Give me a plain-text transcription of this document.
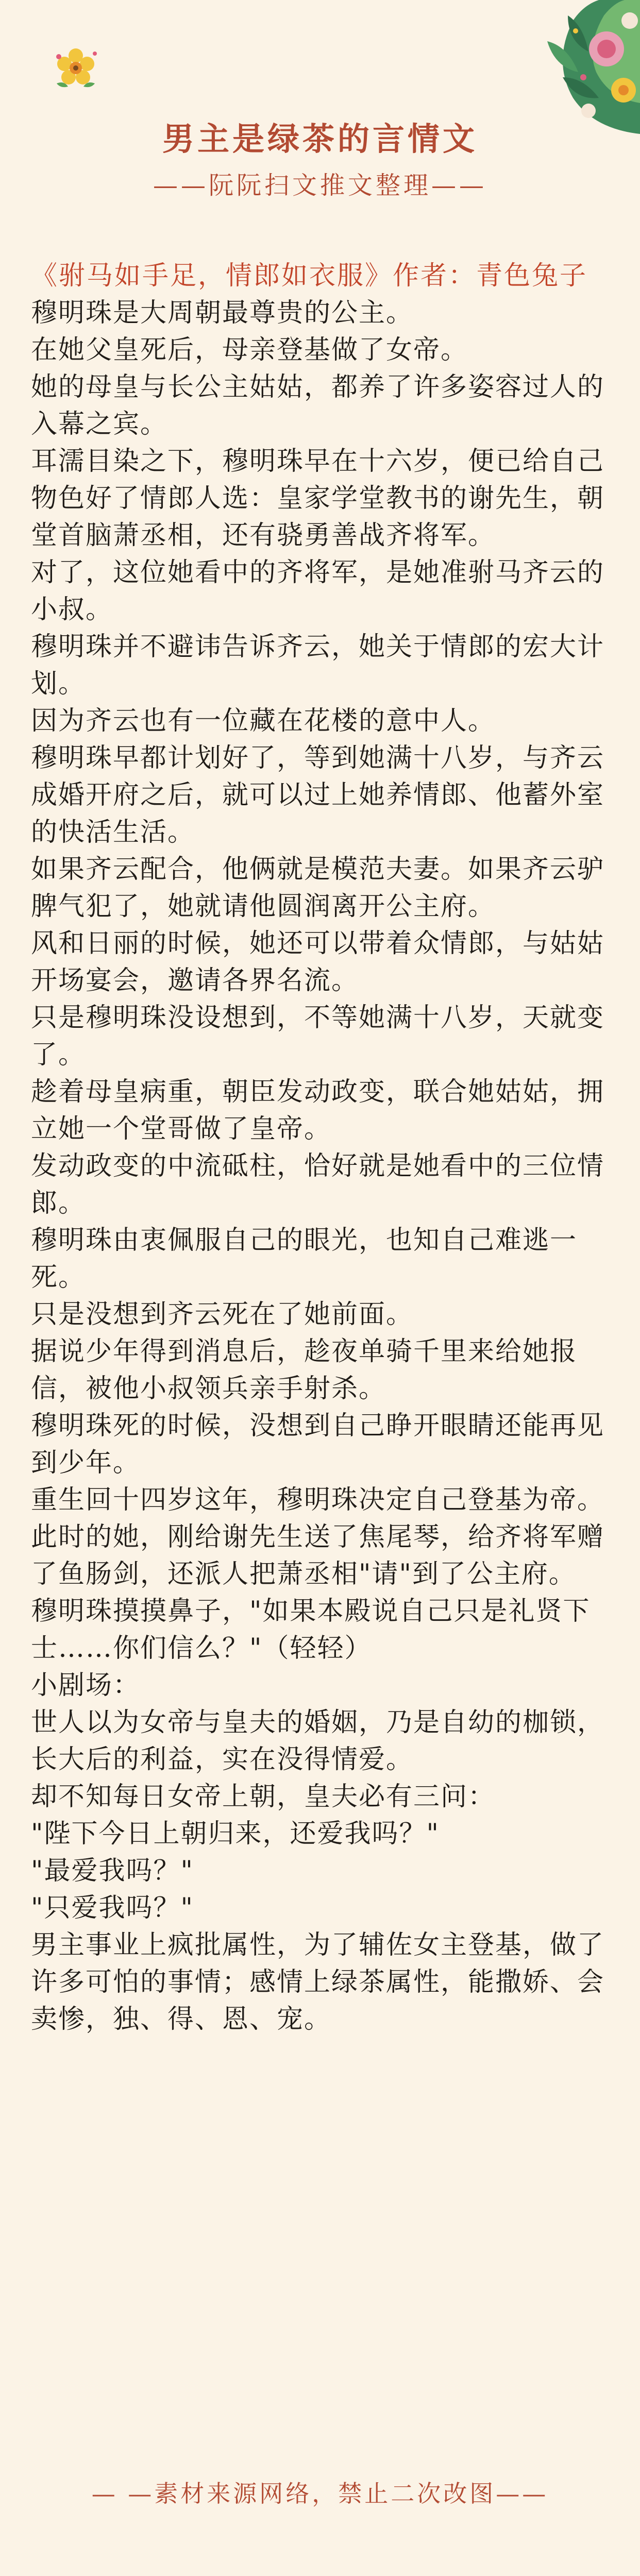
男主是绿茶的言情文
——阮阮扫文推文整理——

《驸马如手足，情郎如衣服》作者：青色兔子

穆明珠是大周朝最尊贵的公主。

在她父皇死后，母亲登基做了女帝。

她的母皇与长公主姑姑，都养了许多姿容过人的入幕之宾。

耳濡目染之下，穆明珠早在十六岁，便已给自己物色好了情郎人选：皇家学堂教书的谢先生，朝堂首脑萧丞相，还有骁勇善战齐将军。

对了，这位她看中的齐将军，是她准驸马齐云的小叔。

穆明珠并不避讳告诉齐云，她关于情郎的宏大计划。

因为齐云也有一位藏在花楼的意中人。

穆明珠早都计划好了，等到她满十八岁，与齐云成婚开府之后，就可以过上她养情郎、他蓄外室的快活生活。

如果齐云配合，他俩就是模范夫妻。如果齐云驴脾气犯了，她就请他圆润离开公主府。

风和日丽的时候，她还可以带着众情郎，与姑姑开场宴会，邀请各界名流。

只是穆明珠没设想到，不等她满十八岁，天就变了。

趁着母皇病重，朝臣发动政变，联合她姑姑，拥立她一个堂哥做了皇帝。

发动政变的中流砥柱，恰好就是她看中的三位情郎。

穆明珠由衷佩服自己的眼光，也知自己难逃一死。

只是没想到齐云死在了她前面。

据说少年得到消息后，趁夜单骑千里来给她报信，被他小叔领兵亲手射杀。

穆明珠死的时候，没想到自己睁开眼睛还能再见到少年。

重生回十四岁这年，穆明珠决定自己登基为帝。

此时的她，刚给谢先生送了焦尾琴，给齐将军赠了鱼肠剑，还派人把萧丞相"请"到了公主府。

穆明珠摸摸鼻子，"如果本殿说自己只是礼贤下士……你们信么？"（轻轻）

小剧场：

世人以为女帝与皇夫的婚姻，乃是自幼的枷锁，长大后的利益，实在没得情爱。

却不知每日女帝上朝，皇夫必有三问：

"陛下今日上朝归来，还爱我吗？"

"最爱我吗？"

"只爱我吗？"

男主事业上疯批属性，为了辅佐女主登基，做了许多可怕的事情；感情上绿茶属性，能撒娇、会卖惨，独、得、恩、宠。

— —素材来源网络，禁止二次改图——
